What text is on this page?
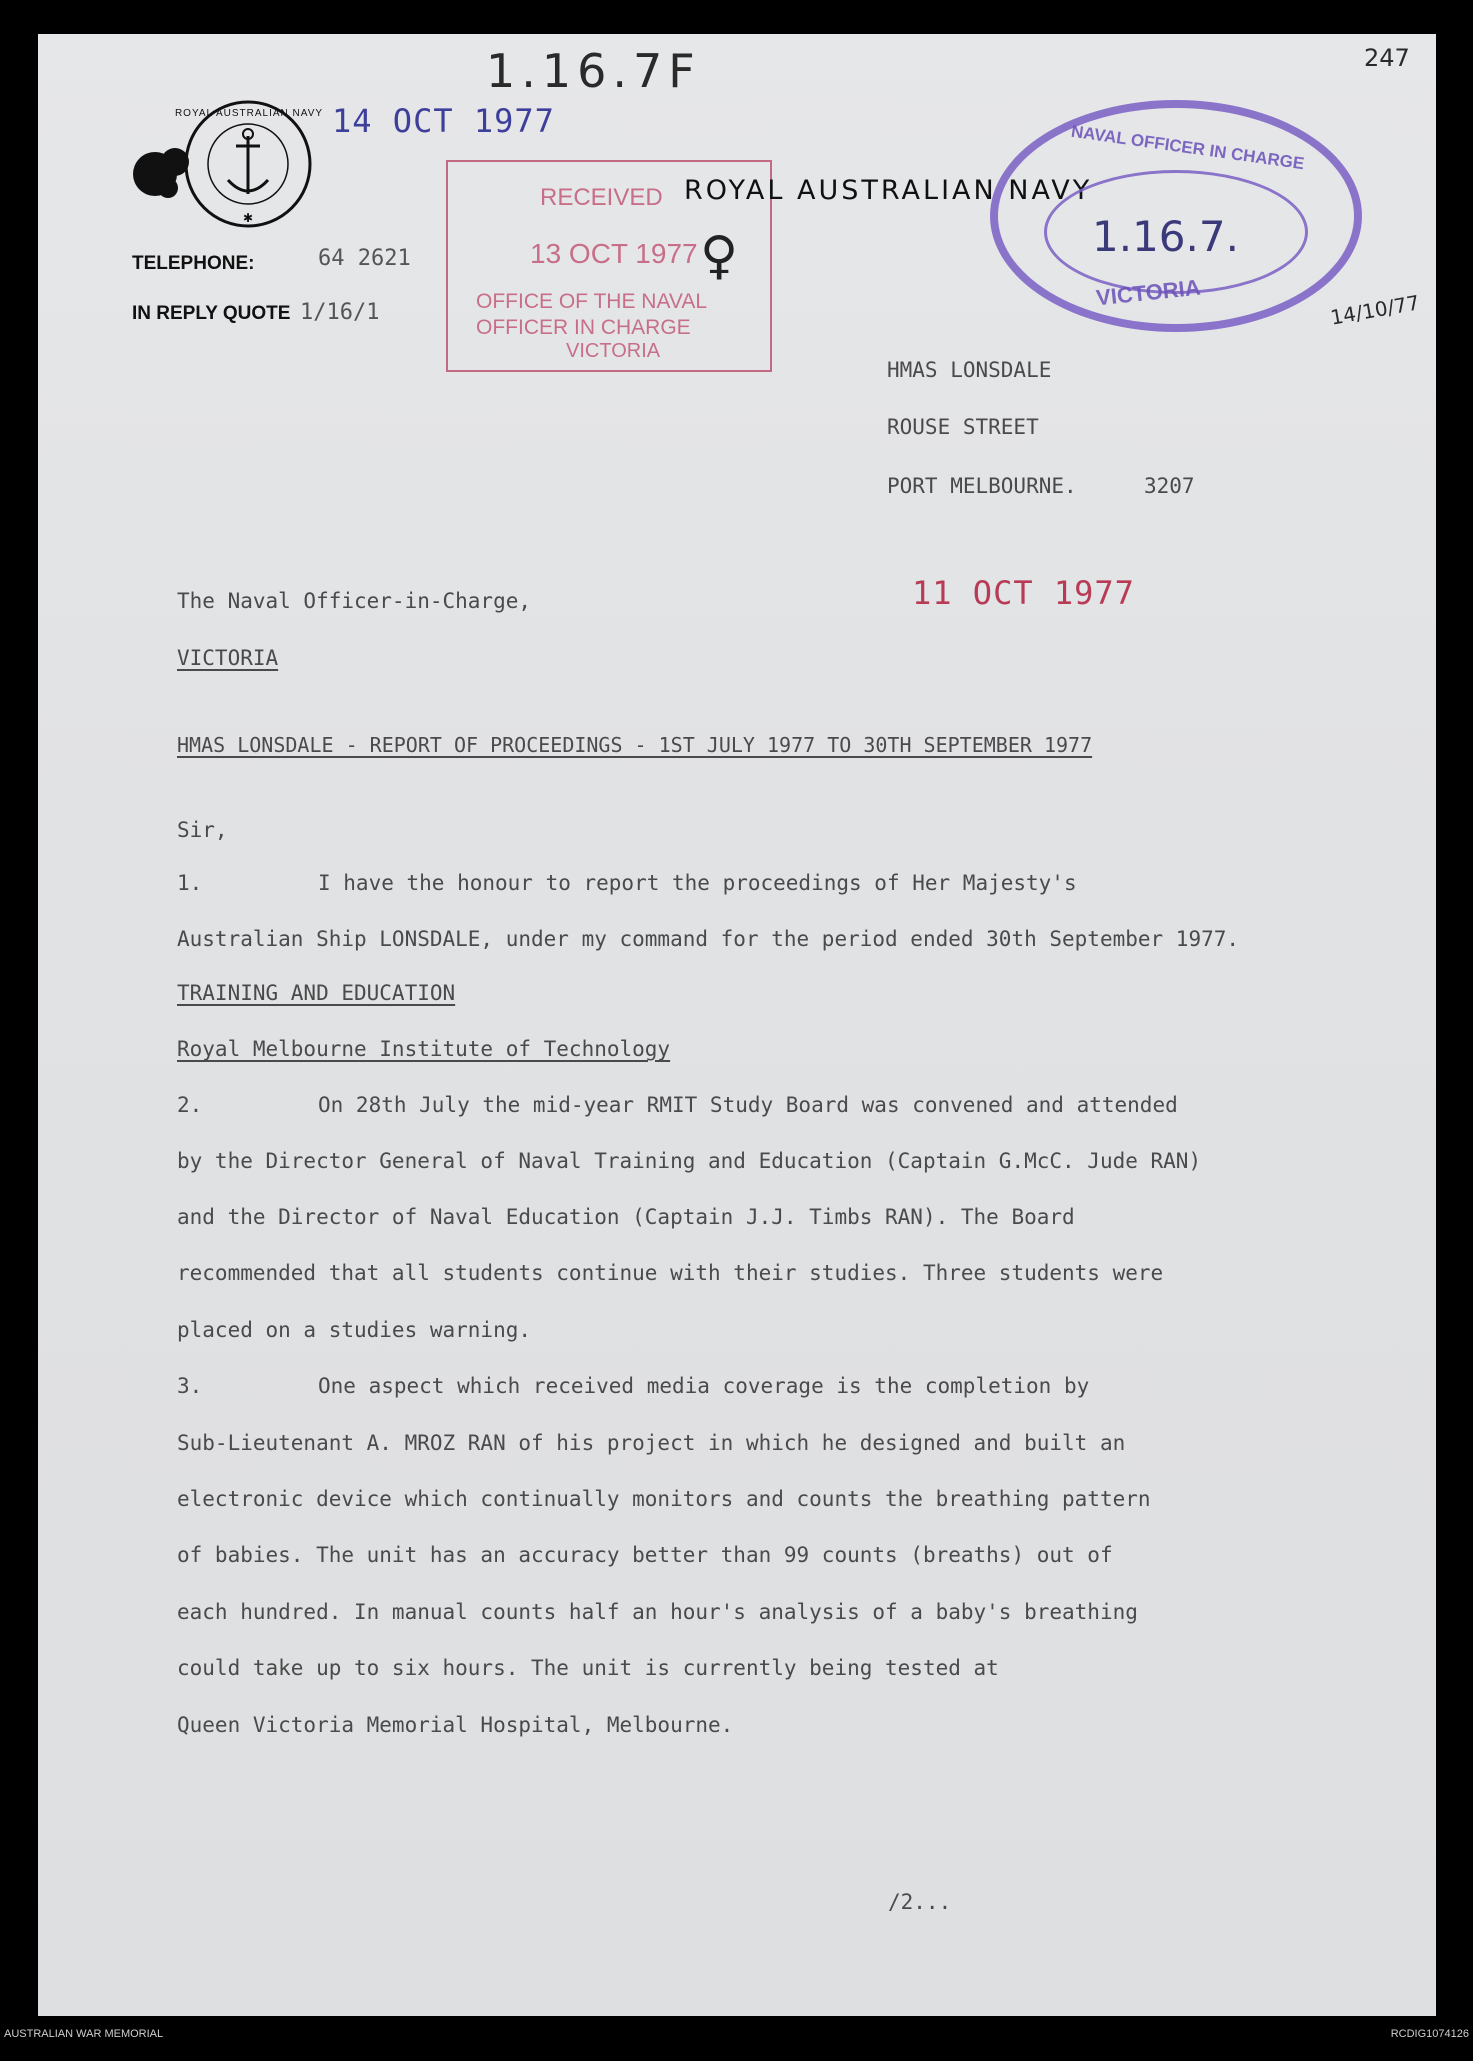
1.16.7F	247
✱
ROYAL AUSTRALIAN NAVY 14 OCT 1977
RECEIVED
13 OCT 1977
OFFICE OF THE NAVAL
OFFICER IN CHARGE
VICTORIA
♀
ROYAL AUSTRALIAN NAVY
NAVAL OFFICER IN CHARGE
1.16.7.
VICTORIA	14/10/77
TELEPHONE:	64 2621
IN REPLY QUOTE 1/16/1
HMAS LONSDALE
ROUSE STREET
PORT MELBOURNE.	3207
11 OCT 1977
The Naval Officer-in-Charge,
VICTORIA
HMAS LONSDALE - REPORT OF PROCEEDINGS - 1ST JULY 1977 TO 30TH SEPTEMBER 1977
Sir,
1.	I have the honour to report the proceedings of Her Majesty's
Australian Ship LONSDALE, under my command for the period ended 30th September 1977.
TRAINING AND EDUCATION
Royal Melbourne Institute of Technology
2.	On 28th July the mid-year RMIT Study Board was convened and attended
by the Director General of Naval Training and Education (Captain G.McC. Jude RAN)
and the Director of Naval Education (Captain J.J. Timbs RAN). The Board
recommended that all students continue with their studies. Three students were
placed on a studies warning.
3.	One aspect which received media coverage is the completion by
Sub-Lieutenant A. MROZ RAN of his project in which he designed and built an
electronic device which continually monitors and counts the breathing pattern
of babies. The unit has an accuracy better than 99 counts (breaths) out of
each hundred. In manual counts half an hour's analysis of a baby's breathing
could take up to six hours. The unit is currently being tested at
Queen Victoria Memorial Hospital, Melbourne.
/2...
AUSTRALIAN WAR MEMORIAL	RCDIG1074126
